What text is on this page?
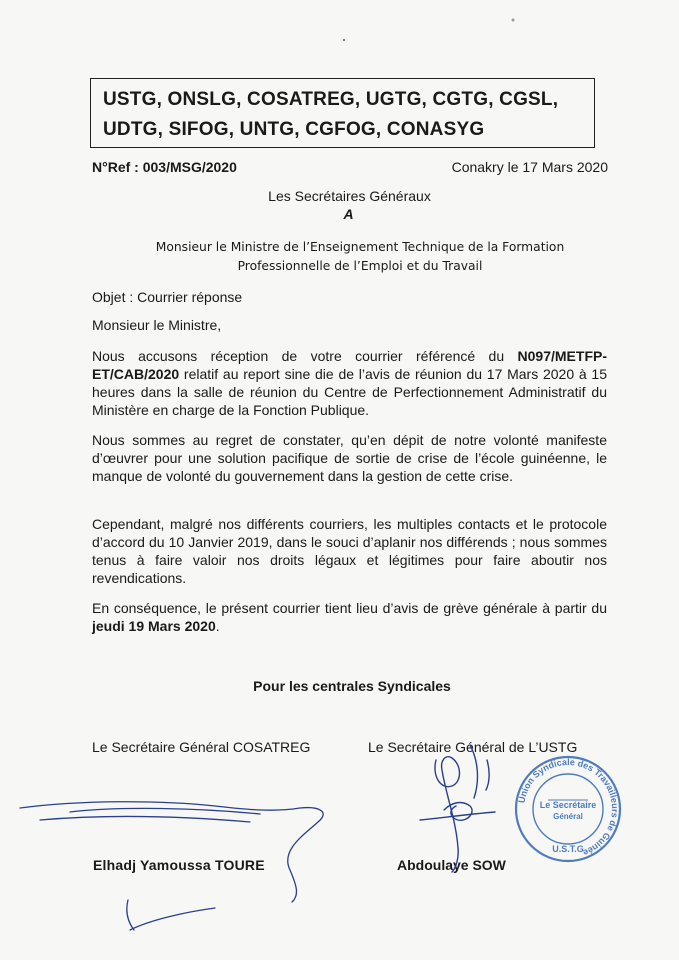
USTG, ONSLG, COSATREG, UGTG, CGTG, CGSL,
UDTG, SIFOG, UNTG, CGFOG, CONASYG
N°Ref : 003/MSG/2020	Conakry le 17 Mars 2020
Les Secrétaires Généraux
A
Monsieur le Ministre de l’Enseignement Technique de la Formation
Professionnelle de l’Emploi et du Travail
Objet : Courrier réponse
Monsieur le Ministre,
Nous accusons réception de votre courrier référencé du N097/METFP-ET/CAB/2020 relatif au report sine die de l’avis de réunion du 17 Mars 2020 à 15 heures dans la salle de réunion du Centre de Perfectionnement Administratif du Ministère en charge de la Fonction Publique.
Nous sommes au regret de constater, qu’en dépit de notre volonté manifeste d’œuvrer pour une solution pacifique de sortie de crise de l’école guinéenne, le manque de volonté du gouvernement dans la gestion de cette crise.
Cependant, malgré nos différents courriers, les multiples contacts et le protocole d’accord du 10 Janvier 2019, dans le souci d’aplanir nos différends ; nous sommes tenus à faire valoir nos droits légaux et légitimes pour faire aboutir nos revendications.
En conséquence, le présent courrier tient lieu d’avis de grève générale à partir du jeudi 19 Mars 2020.
Pour les centrales Syndicales
Le Secrétaire Général COSATREG	Le Secrétaire Général de L’USTG
Elhadj Yamoussa TOURE	Abdoulaye SOW
Union Syndicale des Travailleurs de Guinée
Le Secrétaire
Général
U.S.T.G
